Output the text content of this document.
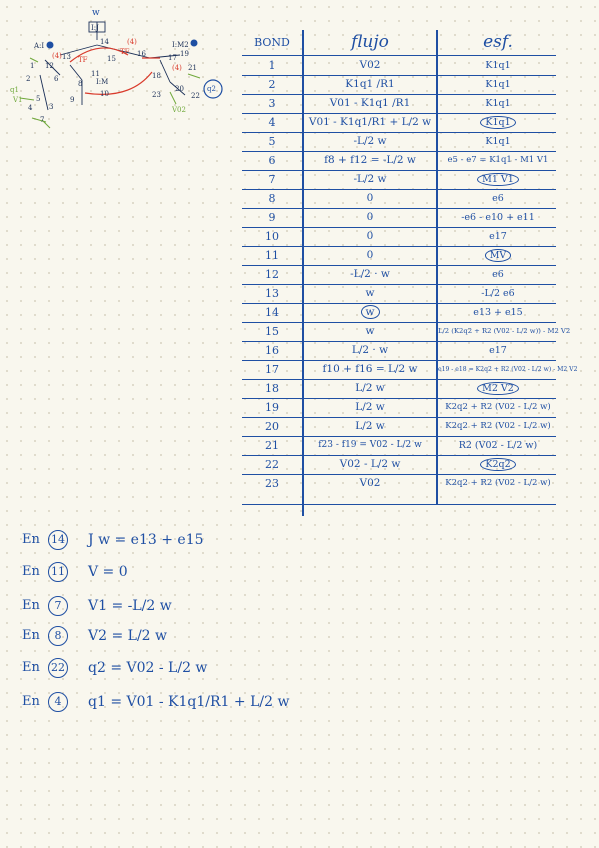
w
I:J
14
13	15
16	17 19
18
21
22
23
20
A:I
12
1
5	9
10
11
4
7
2
3
6
8
TF
TF
(4)
(4)
(4)
I:M
I:M2
V02
q2
V1
q1
BOND	flujo	esf.
1	V02	K1q1
2	K1q1 /R1	K1q1
3	V01 - K1q1 /R1	K1q1
4	V01 - K1q1/R1 + L/2 w	K1q1
5	-L/2 w	K1q1
6	f8 + f12 = -L/2 w	e5 - e7 = K1q1 - M1 V1
7	-L/2 w	M1 V1
8	0	e6
9	0	-e6 - e10 + e11
10	0	e17
11	0	MV
12	-L/2 · w	e6
13	w	-L/2 e6
14	w	e13 + e15
15	w	L/2 (K2q2 + R2 (V02 - L/2 w)) - M2 V2
16	L/2 · w	e17
17	f10 + f16 = L/2 w	e19 - e18 = K2q2 + R2 (V02 - L/2 w) - M2 V2
18	L/2 w	M2 V2
19	L/2 w	K2q2 + R2 (V02 - L/2 w)
20	L/2 w	K2q2 + R2 (V02 - L/2 w)
21	f23 - f19 = V02 - L/2 w	R2 (V02 - L/2 w)
22	V02 - L/2 w	K2q2
23	V02	K2q2 + R2 (V02 - L/2 w)
En 14 J w = e13 + e15
En 11 V = 0
En	7	V1 = -L/2 w
En	8	V2 = L/2 w
En 22 q2 = V02 - L/2 w
En	4	q1 = V01 - K1q1/R1 + L/2 w
